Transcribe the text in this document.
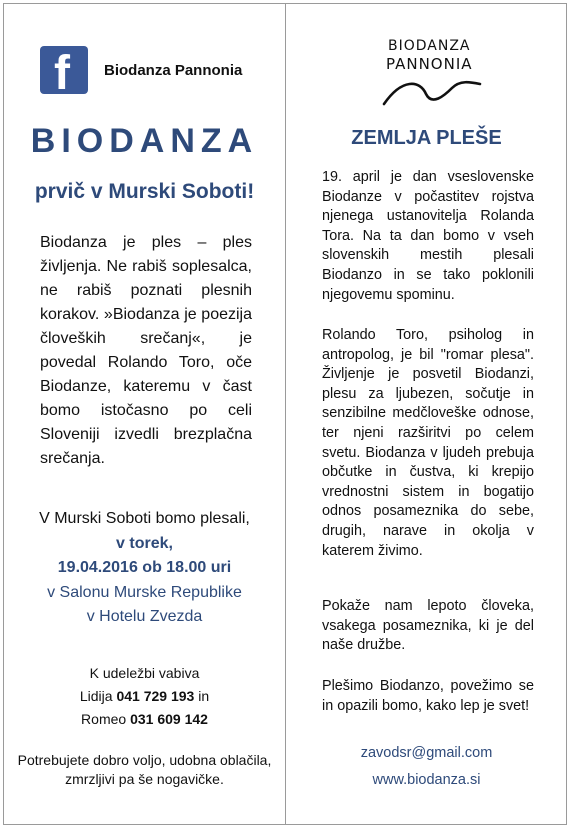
f Biodanza Pannonia
BIODANZA
prvič v Murski Soboti!
Biodanza je ples – ples življenja. Ne rabiš soplesalca, ne rabiš poznati plesnih korakov. »Biodanza je poezija človeških srečanj«, je povedal Rolando Toro, oče Biodanze, kateremu v čast bomo istočasno po celi Sloveniji izvedli brezplačna srečanja.
V Murski Soboti bomo plesali,
v torek,
19.04.2016 ob 18.00 uri
v Salonu Murske Republike
v Hotelu Zvezda
K udeležbi vabiva
Lidija 041 729 193 in
Romeo 031 609 142
Potrebujete dobro voljo, udobna oblačila, zmrzljivi pa še nogavičke.
BIODANZA
PANNONIA
ZEMLJA PLEŠE
19. april je dan vseslovenske Biodanze v počastitev rojstva njenega ustanovitelja Rolanda Tora. Na ta dan bomo v vseh slovenskih mestih plesali Biodanzo in se tako poklonili njegovemu spominu.
Rolando Toro, psiholog in antropolog, je bil "romar plesa". Življenje je posvetil Biodanzi, plesu za ljubezen, sočutje in senzibilne medčloveške odnose, ter njeni razširitvi po celem svetu. Biodanza v ljudeh prebuja občutke in čustva, ki krepijo vrednostni sistem in bogatijo odnos posameznika do sebe, drugih, narave in okolja v katerem živimo.
Pokaže nam lepoto človeka, vsakega posameznika, ki je del naše družbe.
Plešimo Biodanzo, povežimo se in opazili bomo, kako lep je svet!
zavodsr@gmail.com
www.biodanza.si
